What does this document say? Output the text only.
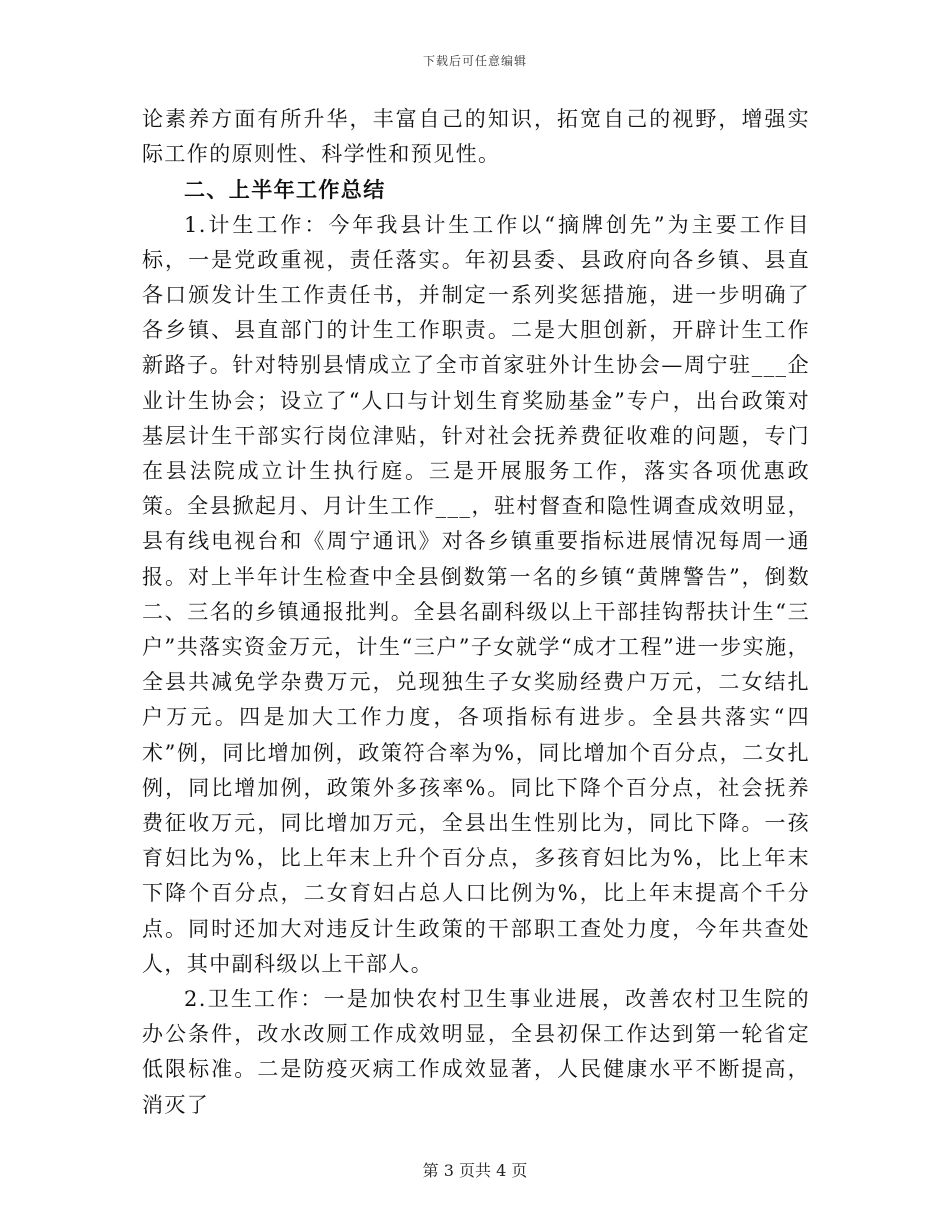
下载后可任意编辑

论素养方面有所升华，丰富自己的知识，拓宽自己的视野，增强实际工作的原则性、科学性和预见性。

二、上半年工作总结

1.计生工作：今年我县计生工作以“摘牌创先”为主要工作目标，一是党政重视，责任落实。年初县委、县政府向各乡镇、县直各口颁发计生工作责任书，并制定一系列奖惩措施，进一步明确了各乡镇、县直部门的计生工作职责。二是大胆创新，开辟计生工作新路子。针对特别县情成立了全市首家驻外计生协会—周宁驻___企业计生协会；设立了“人口与计划生育奖励基金”专户，出台政策对基层计生干部实行岗位津贴，针对社会抚养费征收难的问题，专门在县法院成立计生执行庭。三是开展服务工作，落实各项优惠政策。全县掀起月、月计生工作___，驻村督查和隐性调查成效明显，县有线电视台和《周宁通讯》对各乡镇重要指标进展情况每周一通报。对上半年计生检查中全县倒数第一名的乡镇“黄牌警告”，倒数二、三名的乡镇通报批判。全县名副科级以上干部挂钩帮扶计生“三户”共落实资金万元，计生“三户”子女就学“成才工程”进一步实施，全县共减免学杂费万元，兑现独生子女奖励经费户万元，二女结扎户万元。四是加大工作力度，各项指标有进步。全县共落实“四术”例，同比增加例，政策符合率为%，同比增加个百分点，二女扎例，同比增加例，政策外多孩率%。同比下降个百分点，社会抚养费征收万元，同比增加万元，全县出生性别比为，同比下降。一孩育妇比为%，比上年末上升个百分点，多孩育妇比为%，比上年末下降个百分点，二女育妇占总人口比例为%，比上年末提高个千分点。同时还加大对违反计生政策的干部职工查处力度，今年共查处人，其中副科级以上干部人。

2.卫生工作：一是加快农村卫生事业进展，改善农村卫生院的办公条件，改水改厕工作成效明显，全县初保工作达到第一轮省定低限标准。二是防疫灭病工作成效显著，人民健康水平不断提高，消灭了

第 3 页共 4 页
